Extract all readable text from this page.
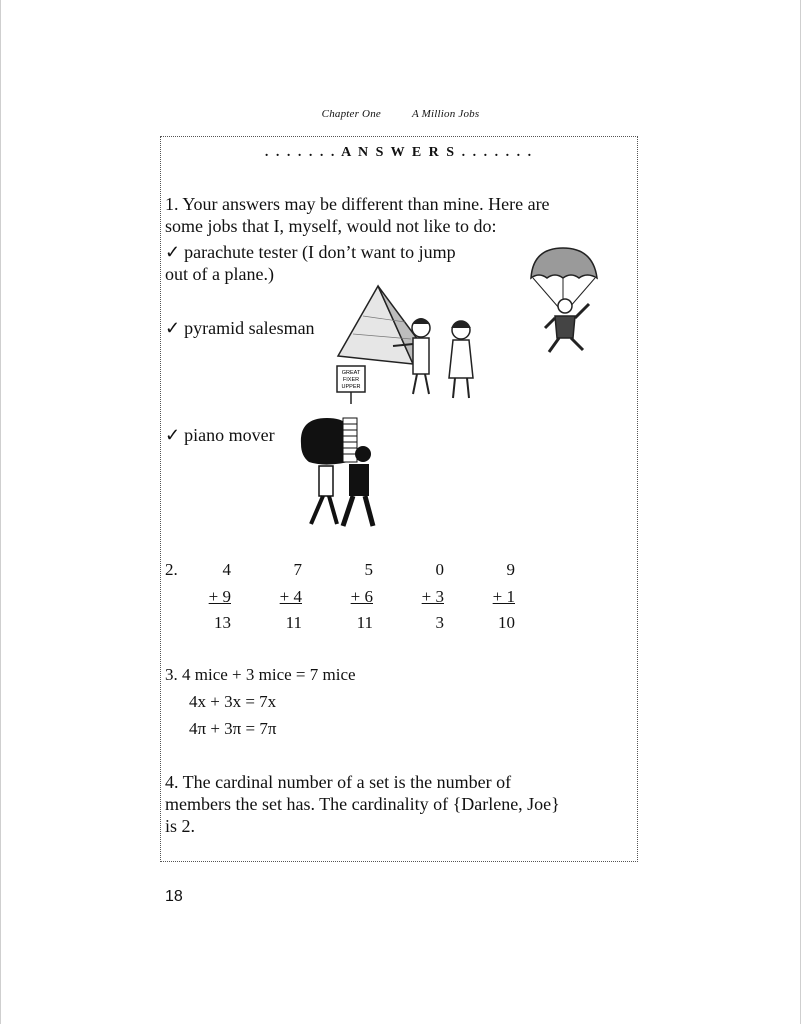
Chapter One	A Million Jobs
. . . . . . . A N S W E R S . . . . . . .
1. Your answers may be different than mine. Here are
some jobs that I, myself, would not like to do:
✓ parachute tester (I don’t want to jump
out of a plane.)
✓ pyramid salesman
✓ piano mover
2.	4
+ 9
13
7
+ 4
11
5
+ 6
11
0
+ 3
3
9
+ 1
10
3. 4 mice + 3 mice = 7 mice
4x + 3x = 7x
4π + 3π = 7π
4. The cardinal number of a set is the number of
members the set has. The cardinality of {Darlene, Joe}
is 2.
GREAT
FIXER
UPPER
18
